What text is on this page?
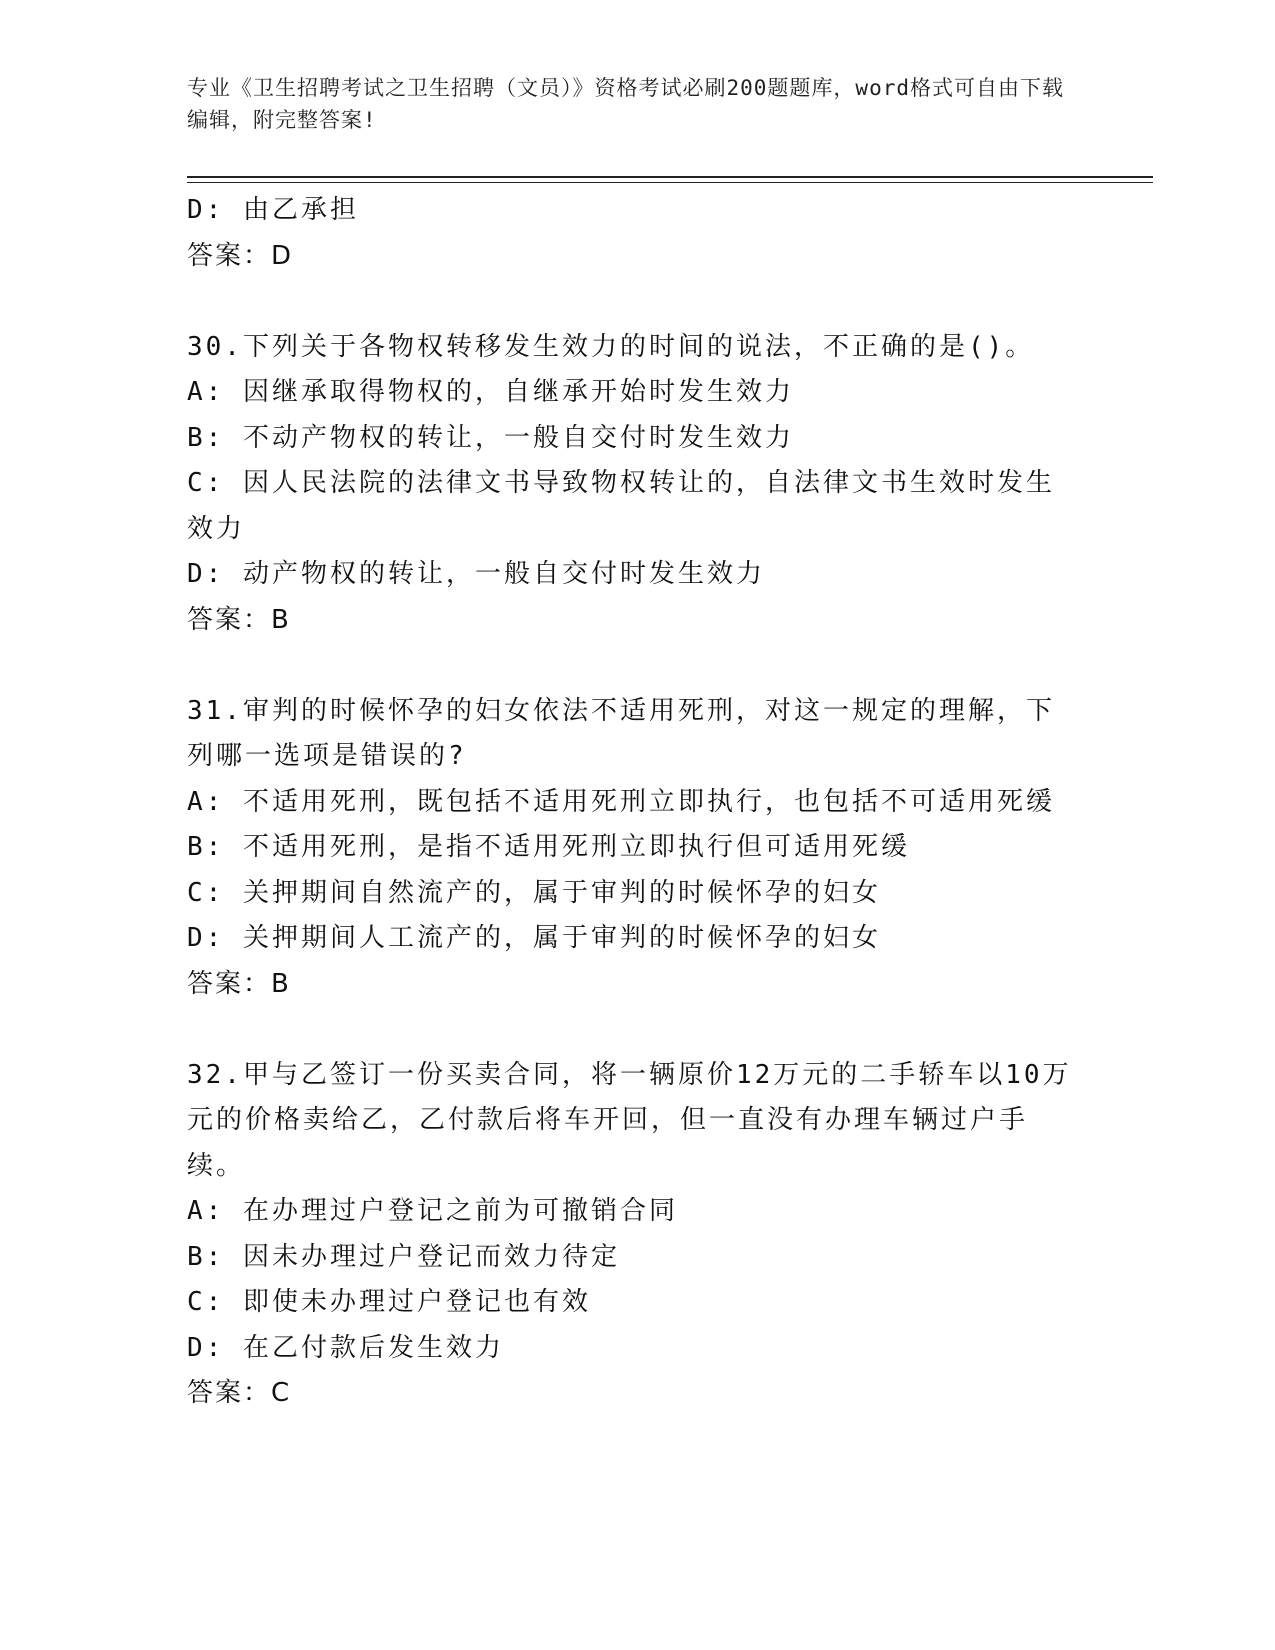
专业《卫生招聘考试之卫生招聘（文员）》资格考试必刷200题题库，word格式可自由下载编辑，附完整答案!
D: 由乙承担
答案：D
30.下列关于各物权转移发生效力的时间的说法，不正确的是()。
A: 因继承取得物权的，自继承开始时发生效力
B: 不动产物权的转让，一般自交付时发生效力
C: 因人民法院的法律文书导致物权转让的，自法律文书生效时发生效力
D: 动产物权的转让，一般自交付时发生效力
答案：B
31.审判的时候怀孕的妇女依法不适用死刑，对这一规定的理解，下列哪一选项是错误的?
A: 不适用死刑，既包括不适用死刑立即执行，也包括不可适用死缓
B: 不适用死刑，是指不适用死刑立即执行但可适用死缓
C: 关押期间自然流产的，属于审判的时候怀孕的妇女
D: 关押期间人工流产的，属于审判的时候怀孕的妇女
答案：B
32.甲与乙签订一份买卖合同，将一辆原价12万元的二手轿车以10万元的价格卖给乙，乙付款后将车开回，但一直没有办理车辆过户手续。
A: 在办理过户登记之前为可撤销合同
B: 因未办理过户登记而效力待定
C: 即使未办理过户登记也有效
D: 在乙付款后发生效力
答案：C
